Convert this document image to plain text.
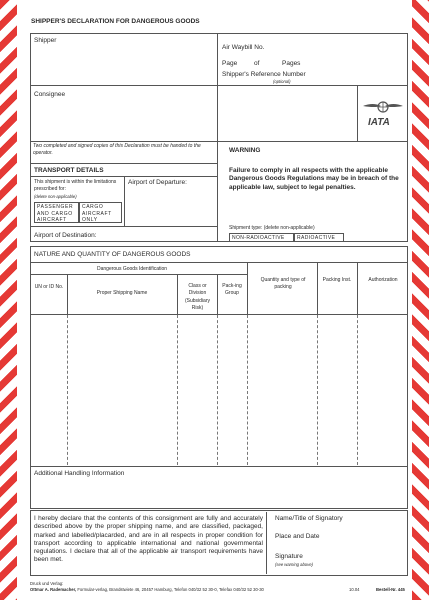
SHIPPER'S DECLARATION FOR DANGEROUS GOODS
Shipper
Air Waybill No.
Page	of	Pages
Shipper's Reference Number
(optional)
Consignee
IATA
Two completed and signed copies of this Declaration must be handed to the operator.
TRANSPORT DETAILS
This shipment is within the limitations prescribed for:
(delete non-applicable)
PASSENGER AND CARGO AIRCRAFT
CARGO AIRCRAFT ONLY
Airport of Departure:
Airport of Destination:
WARNING
Failure to comply in all respects with the applicable Dangerous Goods Regulations may be in breach of the applicable law, subject to legal penalties.
Shipment type: (delete non-applicable)
NON-RADIOACTIVE	RADIOACTIVE
NATURE AND QUANTITY OF DANGEROUS GOODS
Dangerous Goods Identification
UN or ID No.
Proper Shipping Name
Class or Division (Subsidiary Risk)
Pack-ing Group
Quantity and type of packing
Packing Inst.	Authorization
Additional Handling Information
I hereby declare that the contents of this consignment are fully and accurately described above by the proper shipping name, and are classified, packaged, marked and labelled/placarded, and are in all respects in proper condition for transport according to applicable international and national governmental regulations. I declare that all of the applicable air transport requirements have been met.
Name/Title of Signatory
Place and Date
Signature
(see warning above)
Druck und Verlag:
Ottmar A. Rademacher, Formular-verlag, Brandstwiete 46, 20457 Hamburg, Telefon 040/32 52 30-0, Telefax 040/32 52 30-30	10.04	Bestell-Nr. 445
